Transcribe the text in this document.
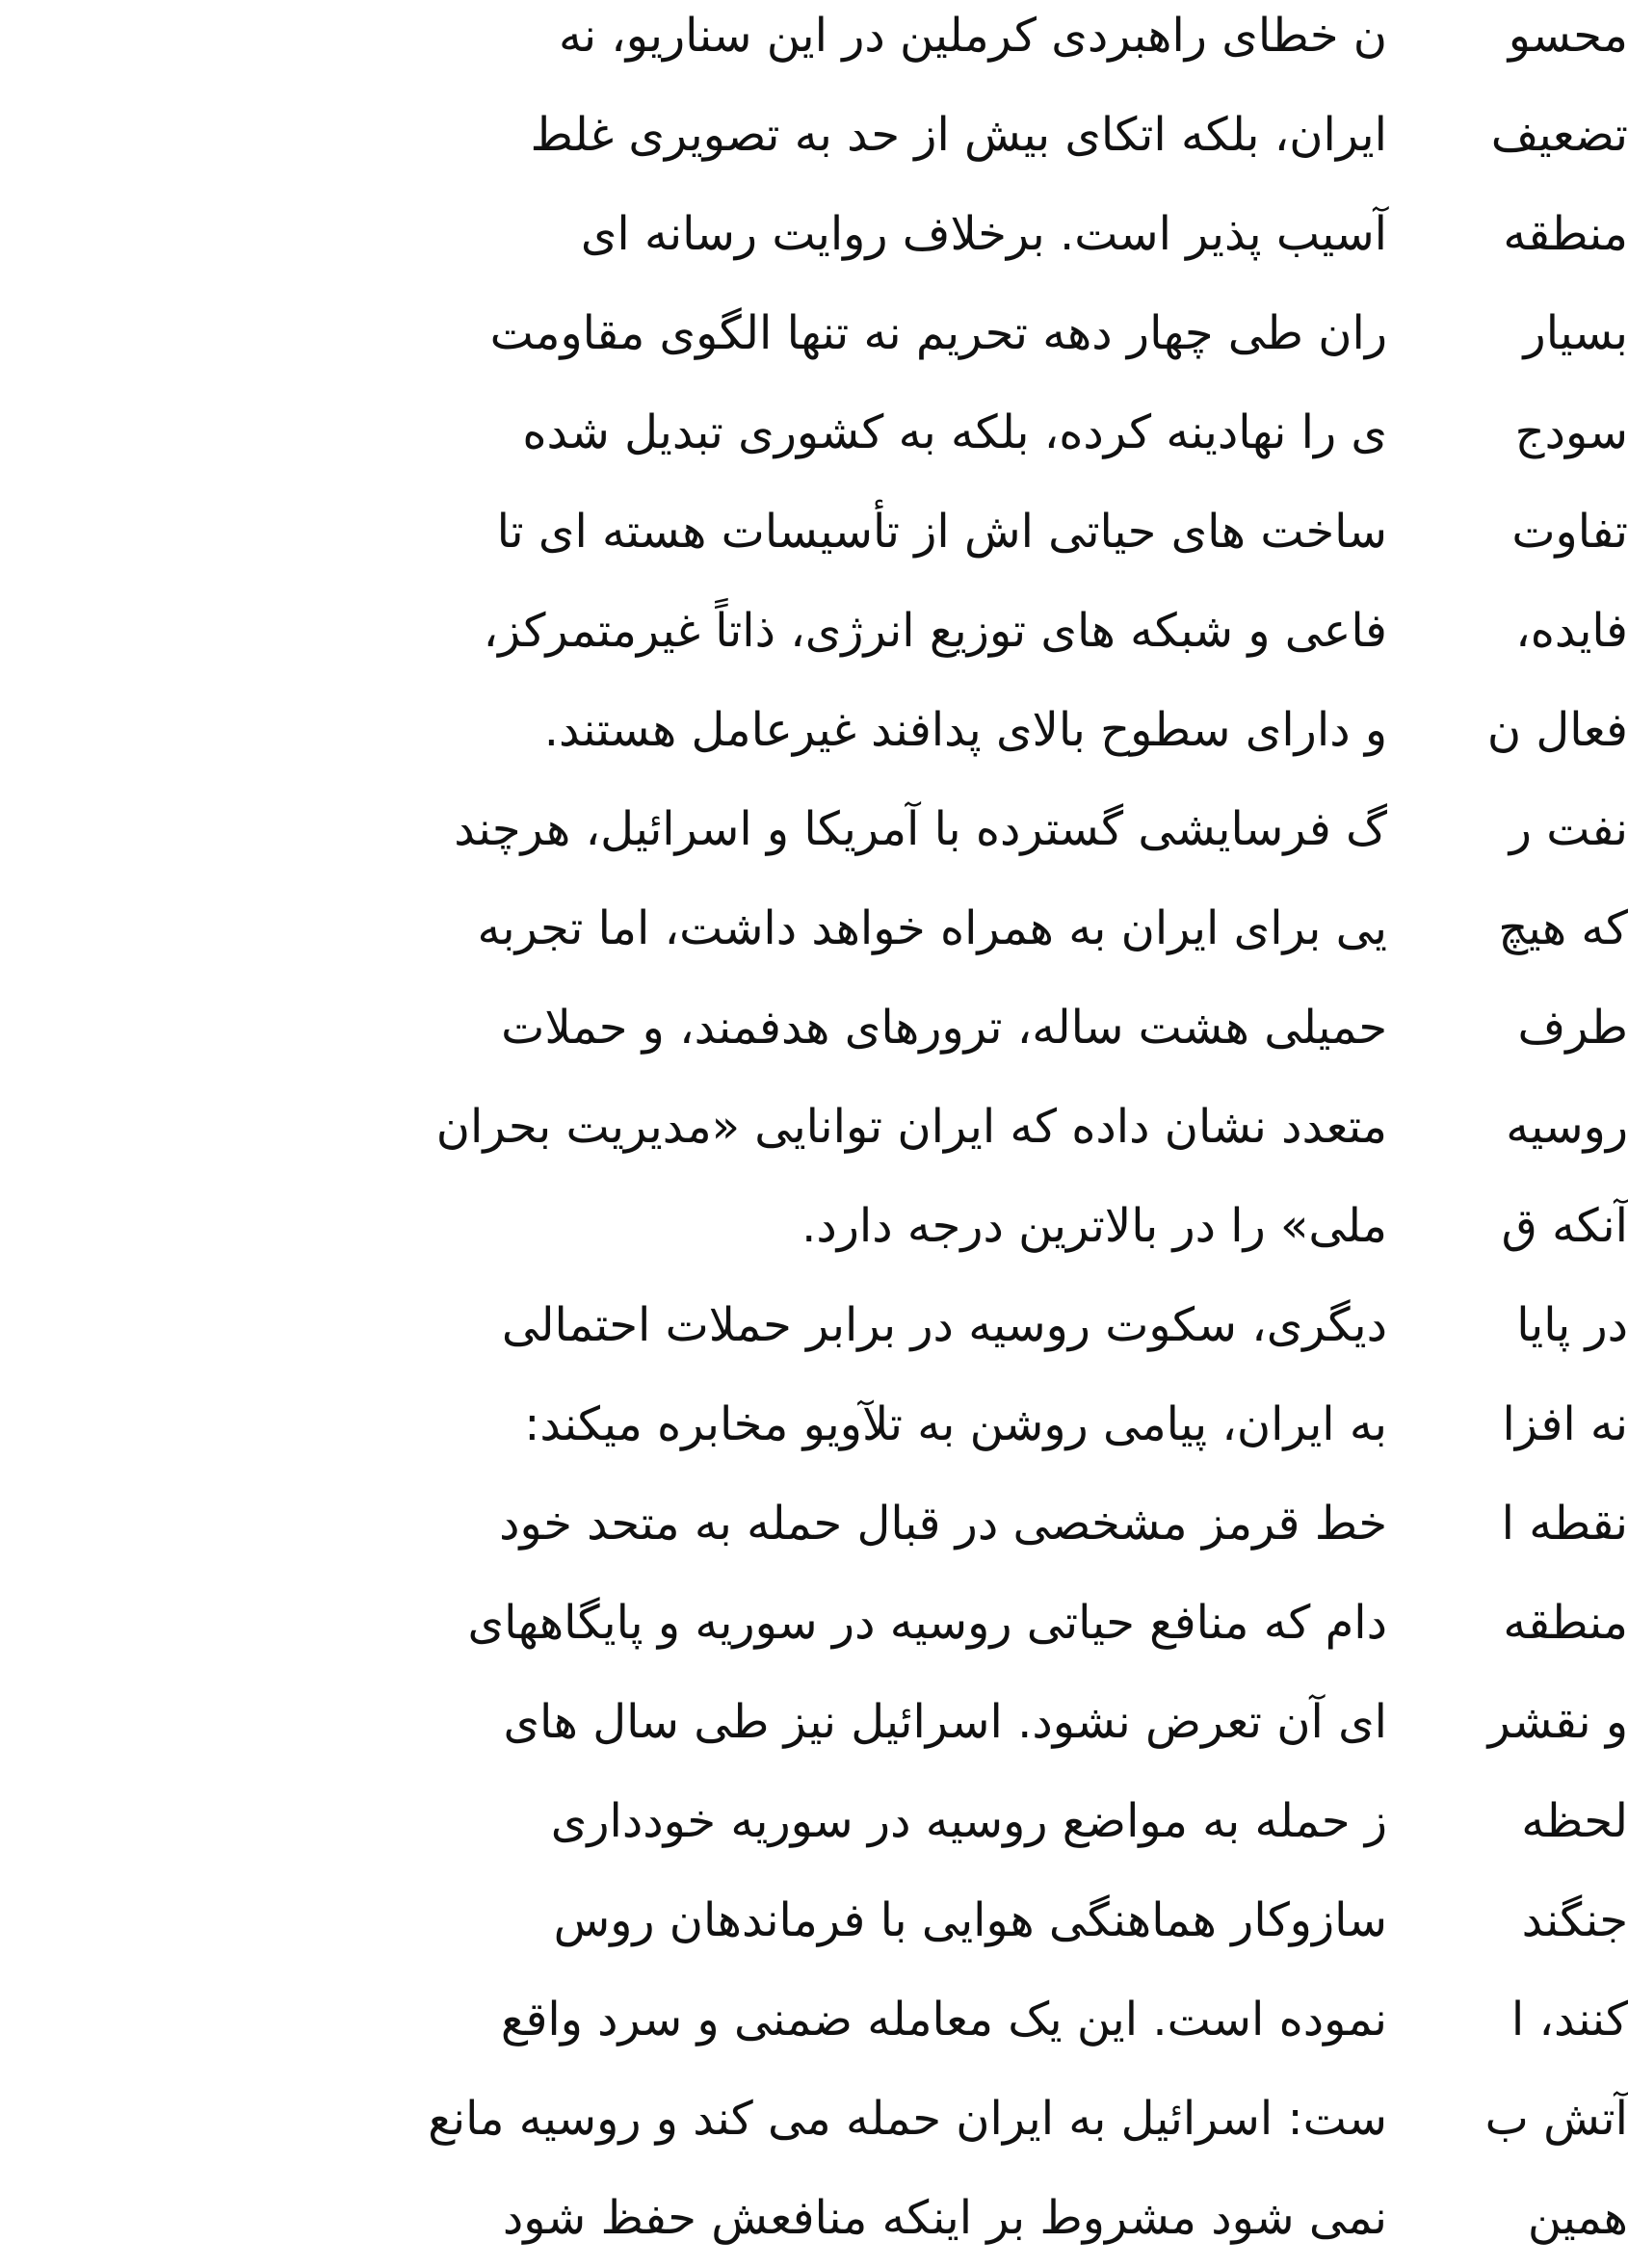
ن خطای راهبردی کرملین در این سناریو، نه
ایران، بلکه اتکای بیش از حد به تصویری غلط
آسیب پذیر است. برخلاف روایت رسانه ای
ران طی چهار دهه تحریم نه تنها الگوی مقاومت
ی را نهادینه کرده، بلکه به کشوری تبدیل شده
ساخت های حیاتی اش از تأسیسات هسته ای تا
فاعی و شبکه های توزیع انرژی، ذاتاً غیرمتمرکز،
و دارای سطوح بالای پدافند غیرعامل هستند.
گ فرسایشی گسترده با آمریکا و اسرائیل، هرچند
یی برای ایران به همراه خواهد داشت، اما تجربه
حمیلی هشت ساله، ترورهای هدفمند، و حملات
متعدد نشان داده که ایران توانایی «مدیریت بحران
ملی» را در بالاترین درجه دارد.
دیگری، سکوت روسیه در برابر حملات احتمالی
به ایران، پیامی روشن به تلآویو مخابره میکند:
خط قرمز مشخصی در قبال حمله به متحد خود
دام که منافع حیاتی روسیه در سوریه و پایگاههای
ای آن تعرض نشود. اسرائیل نیز طی سال های
ز حمله به مواضع روسیه در سوریه خودداری
سازوکار هماهنگی هوایی با فرماندهان روس
نموده است. این یک معامله ضمنی و سرد واقع
ست: اسرائیل به ایران حمله می کند و روسیه مانع
نمی شود مشروط بر اینکه منافعش حفظ شود
محسو
تضعیف
منطقه
بسیار
سودج
تفاوت
فایده،
فعال ن
نفت ر
که هیچ
طرف
روسیه
آنکه ق
در پایا
نه افزا
نقطه ا
منطقه
و نقشر
لحظه
جنگند
کنند، ا
آتش ب
همین
